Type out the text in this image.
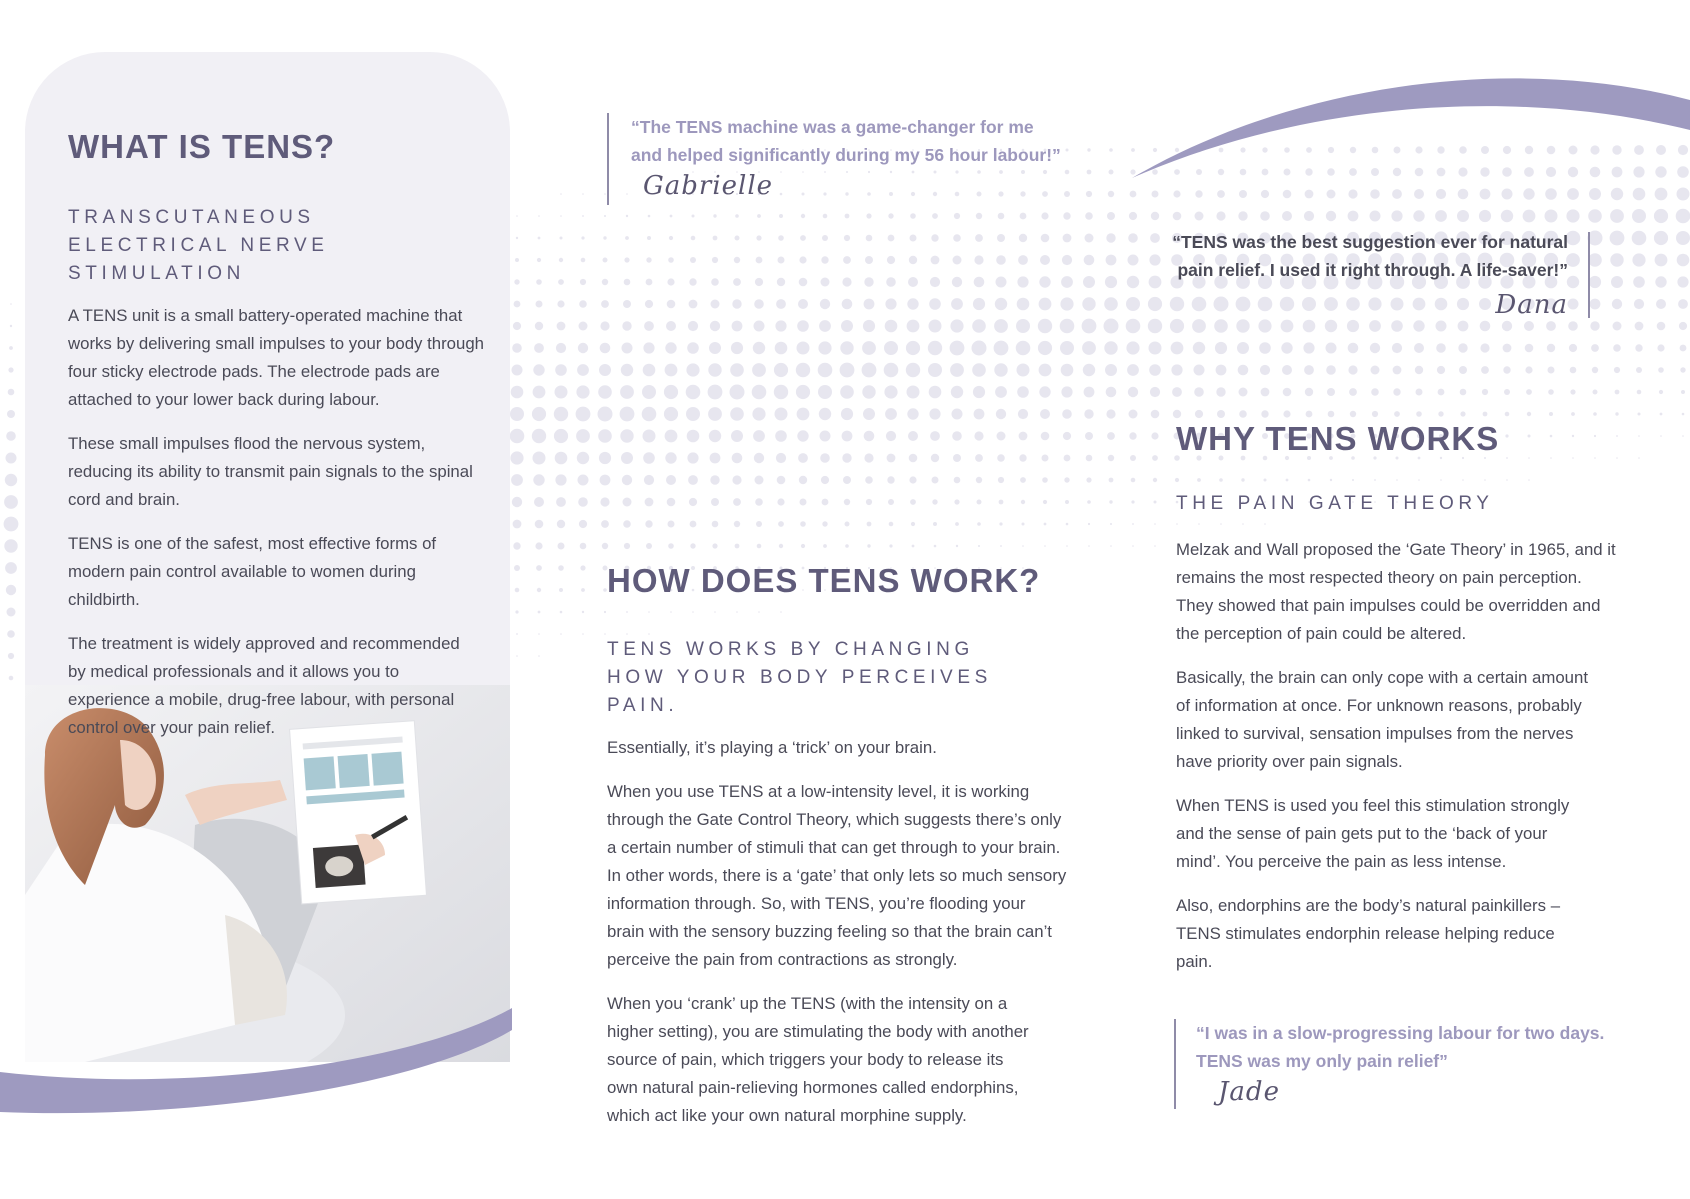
WHAT IS TENS?
TRANSCUTANEOUS ELECTRICAL NERVE STIMULATION

A TENS unit is a small battery-operated machine that works by delivering small impulses to your body through four sticky electrode pads. The electrode pads are attached to your lower back during labour.

These small impulses flood the nervous system, reducing its ability to transmit pain signals to the spinal cord and brain.

TENS is one of the safest, most effective forms of modern pain control available to women during childbirth.

The treatment is widely approved and recommended by medical professionals and it allows you to experience a mobile, drug-free labour, with personal control over your pain relief.

HOW DOES TENS WORK?
TENS WORKS BY CHANGING HOW YOUR BODY PERCEIVES PAIN.

Essentially, it’s playing a ‘trick’ on your brain.

When you use TENS at a low-intensity level, it is working through the Gate Control Theory, which suggests there’s only a certain number of stimuli that can get through to your brain. In other words, there is a ‘gate’ that only lets so much sensory information through. So, with TENS, you’re flooding your brain with the sensory buzzing feeling so that the brain can’t perceive the pain from contractions as strongly.

When you ‘crank’ up the TENS (with the intensity on a higher setting), you are stimulating the body with another source of pain, which triggers your body to release its own natural pain-relieving hormones called endorphins, which act like your own natural morphine supply.

WHY TENS WORKS
THE PAIN GATE THEORY

Melzak and Wall proposed the ‘Gate Theory’ in 1965, and it remains the most respected theory on pain perception. They showed that pain impulses could be overridden and the perception of pain could be altered.

Basically, the brain can only cope with a certain amount of information at once. For unknown reasons, probably linked to survival, sensation impulses from the nerves have priority over pain signals.

When TENS is used you feel this stimulation strongly and the sense of pain gets put to the ‘back of your mind’. You perceive the pain as less intense.

Also, endorphins are the body’s natural painkillers – TENS stimulates endorphin release helping reduce pain.

“The TENS machine was a game-changer for me and helped significantly during my 56 hour labour!”
Gabrielle
“TENS was the best suggestion ever for natural pain relief. I used it right through. A life-saver!”
Dana
“I was in a slow-progressing labour for two days. TENS was my only pain relief”
Jade
